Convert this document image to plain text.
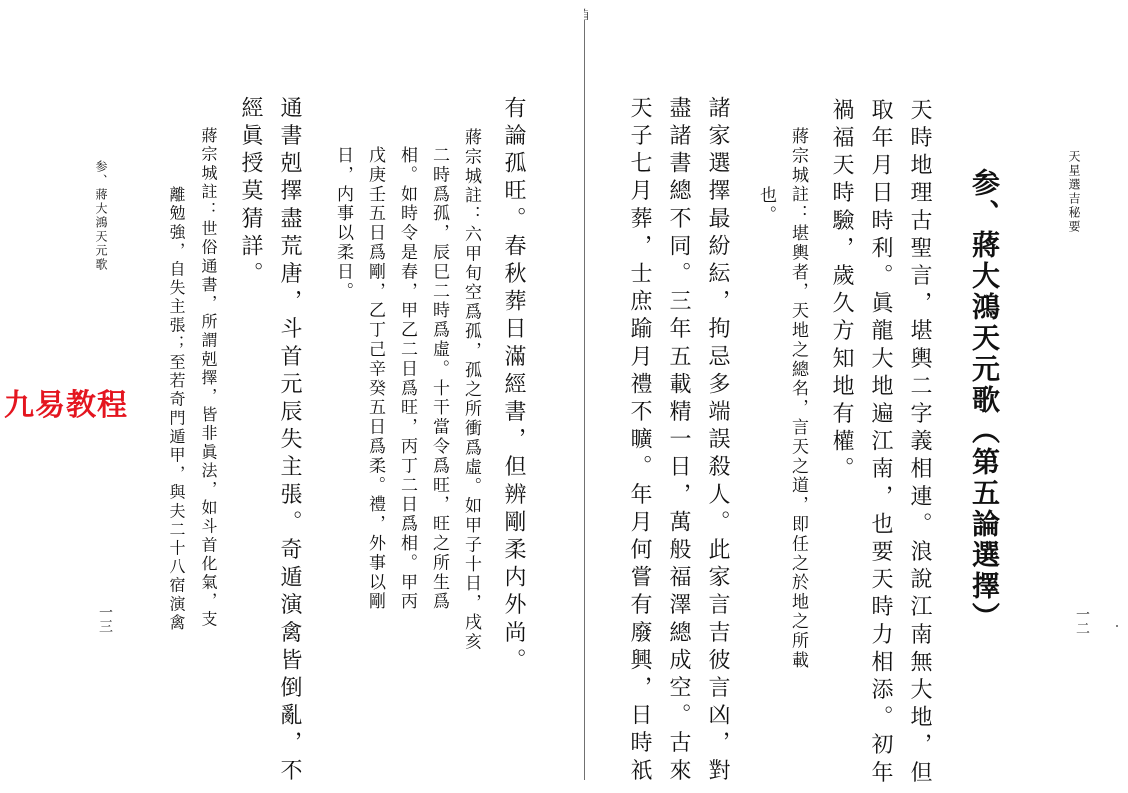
天星選吉秘要
一二
参、蔣大鴻天元歌（第五論選擇）
天時地理古聖言，堪輿二字義相連。浪說江南無大地，但
取年月日時利。眞龍大地遍江南，也要天時力相添。初年
禍福天時驗，歲久方知地有權。
蔣宗城註：堪輿者，天地之總名，言天之道，即任之於地之所載
也。
諸家選擇最紛紜，拘忌多端誤殺人。此家言吉彼言凶，對
盡諸書總不同。三年五載精一日，萬般福澤總成空。古來
天子七月葬，士庶踰月禮不曠。年月何嘗有廢興，日時祇
参、蔣大鴻天元歌
一三	有論孤旺。春秋葬日滿經書，但辨剛柔内外尚。
蔣宗城註：六甲旬空爲孤，孤之所衝爲虛。如甲子十日，戌亥
二時爲孤，辰巳二時爲虛。十干當令爲旺，旺之所生爲
相。如時令是春，甲乙二日爲旺，丙丁二日爲相。甲丙
戊庚壬五日爲剛，乙丁己辛癸五日爲柔。禮，外事以剛
日，内事以柔日。
通書剋擇盡荒唐，斗首元辰失主張。奇遁演禽皆倒亂，不
經眞授莫猜詳。
蔣宗城註：世俗通書，所謂剋擇，皆非眞法，如斗首化氣，支
離勉強，自失主張；至若奇門遁甲，與夫二十八宿演禽
九易教程
